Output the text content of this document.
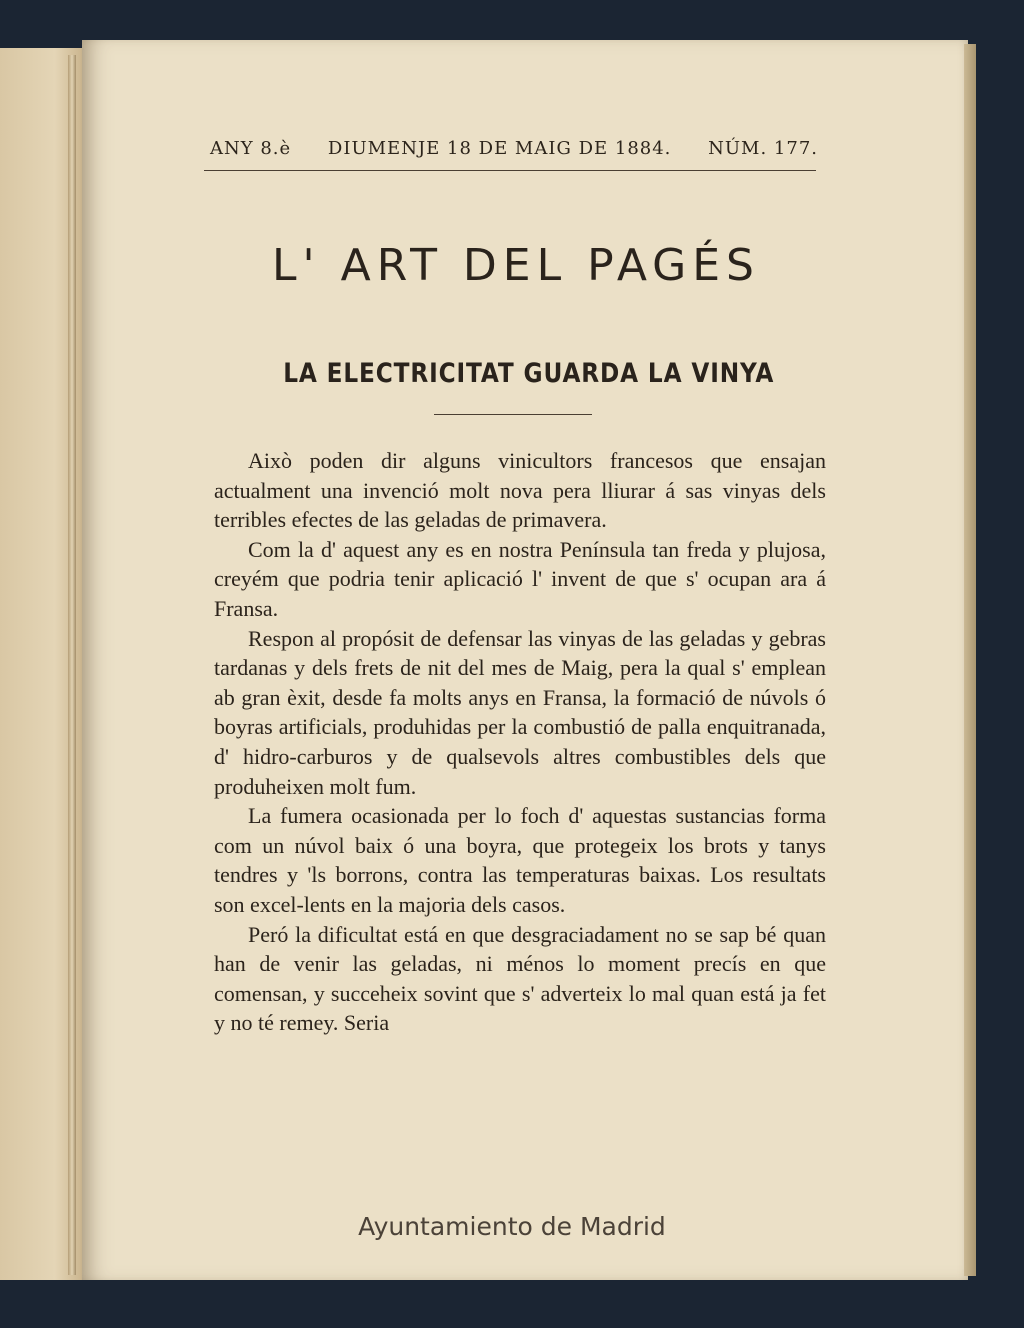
ANY 8.è DIUMENJE 18 DE MAIG DE 1884. NÚM. 177.
L' ART DEL PAGÉS
LA ELECTRICITAT GUARDA LA VINYA

Això poden dir alguns vinicultors francesos que ensajan actualment una invenció molt nova pera lliurar á sas vinyas dels terribles efectes de las geladas de primavera.

Com la d' aquest any es en nostra Península tan freda y plujosa, creyém que podria tenir aplicació l' invent de que s' ocupan ara á Fransa.

Respon al propósit de defensar las vinyas de las geladas y gebras tardanas y dels frets de nit del mes de Maig, pera la qual s' emplean ab gran èxit, desde fa molts anys en Fransa, la formació de núvols ó boyras artificials, produhidas per la combustió de palla enquitranada, d' hidro-carburos y de qualsevols altres combustibles dels que produheixen molt fum.

La fumera ocasionada per lo foch d' aquestas sustancias forma com un núvol baix ó una boyra, que protegeix los brots y tanys tendres y 'ls borrons, contra las temperaturas baixas. Los resultats son excel-lents en la majoria dels casos.

Peró la dificultat está en que desgraciadament no se sap bé quan han de venir las geladas, ni ménos lo moment precís en que comensan, y succeheix sovint que s' adverteix lo mal quan está ja fet y no té remey. Seria

Ayuntamiento de Madrid
